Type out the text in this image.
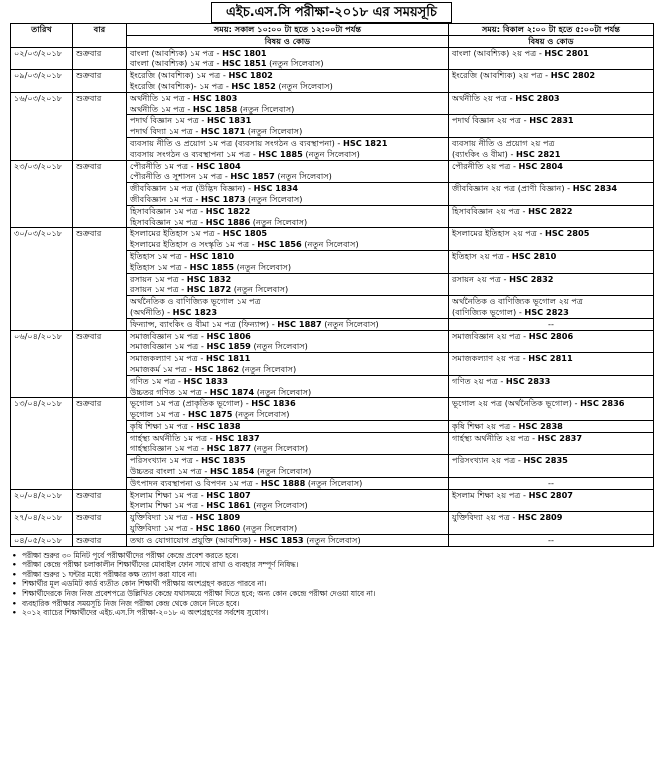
এইচ.এস.সি পরীক্ষা-২০১৮ এর সময়সূচি
তারিখ	বার	সময়: সকাল ১০:০০ টা হতে ১২:০০টা পর্যন্ত	সময়: বিকাল ২:০০ টা হতে ৫:০০টা পর্যন্ত
		বিষয় ও কোড	বিষয় ও কোড
০২/০৩/২০১৮	শুক্রবার	বাংলা (আবশ্যিক) ১ম পত্র - HSC 1801
বাংলা (আবশ্যিক) ১ম পত্র - HSC 1851 (নতুন সিলেবাস)	বাংলা (আবশ্যিক) ২য় পত্র - HSC 2801

০৯/০৩/২০১৮	শুক্রবার	ইংরেজি (আবশ্যিক) ১ম পত্র - HSC 1802
ইংরেজি (আবশ্যিক)- ১ম পত্র - HSC 1852 (নতুন সিলেবাস)	ইংরেজি (আবশ্যিক) ২য় পত্র - HSC 2802

১৬/০৩/২০১৮	শুক্রবার	অর্থনীতি ১ম পত্র - HSC 1803
অর্থনীতি ১ম পত্র - HSC 1858 (নতুন সিলেবাস)	অর্থনীতি ২য় পত্র - HSC 2803

		পদার্থ বিজ্ঞান ১ম পত্র - HSC 1831
পদার্থ বিদ্যা ১ম পত্র - HSC 1871 (নতুন সিলেবাস)	পদার্থ বিজ্ঞান ২য় পত্র - HSC 2831

		ব্যবসায় নীতি ও প্রয়োগ ১ম পত্র (ব্যবসায় সংগঠন ও ব্যবস্থাপনা) - HSC 1821
ব্যবসায় সংগঠন ও ব্যবস্থাপনা ১ম পত্র - HSC 1885 (নতুন সিলেবাস)	ব্যবসায় নীতি ও প্রয়োগ ২য় পত্র
(ব্যাংকিং ও বীমা) - HSC 2821

২৩/০৩/২০১৮	শুক্রবার	পৌরনীতি ১ম পত্র - HSC 1804
পৌরনীতি ও সুশাসন ১ম পত্র - HSC 1857 (নতুন সিলেবাস)	পৌরনীতি ২য় পত্র - HSC 2804

		জীববিজ্ঞান ১ম পত্র (উদ্ভিদ বিজ্ঞান) - HSC 1834
জীববিজ্ঞান ১ম পত্র - HSC 1873 (নতুন সিলেবাস)	জীববিজ্ঞান ২য় পত্র (প্রাণী বিজ্ঞান) - HSC 2834

		হিসাববিজ্ঞান ১ম পত্র - HSC 1822
হিসাববিজ্ঞান ১ম পত্র - HSC 1886 (নতুন সিলেবাস)	হিসাববিজ্ঞান ২য় পত্র - HSC 2822

৩০/০৩/২০১৮	শুক্রবার	ইসলামের ইতিহাস ১ম পত্র - HSC 1805
ইসলামের ইতিহাস ও সংস্কৃতি ১ম পত্র - HSC 1856 (নতুন সিলেবাস)	ইসলামের ইতিহাস ২য় পত্র - HSC 2805

		ইতিহাস ১ম পত্র - HSC 1810
ইতিহাস ১ম পত্র - HSC 1855 (নতুন সিলেবাস)	ইতিহাস ২য় পত্র - HSC 2810

		রসায়ন ১ম পত্র - HSC 1832
রসায়ন ১ম পত্র - HSC 1872 (নতুন সিলেবাস)	রসায়ন ২য় পত্র - HSC 2832

		অর্থনৈতিক ও বাণিজ্যিক ভূগোল ১ম পত্র
(অর্থনীতি) - HSC 1823	অর্থনৈতিক ও বাণিজ্যিক ভূগোল ২য় পত্র
(বাণিজ্যিক ভূগোল) - HSC 2823

		ফিন্যান্স, ব্যাংকিং ও বীমা ১ম পত্র (ফিন্যান্স) - HSC 1887 (নতুন সিলেবাস)	--

০৬/০৪/২০১৮	শুক্রবার	সমাজবিজ্ঞান ১ম পত্র - HSC 1806
সমাজবিজ্ঞান ১ম পত্র - HSC 1859 (নতুন সিলেবাস)	সমাজবিজ্ঞান ২য় পত্র - HSC 2806

		সমাজকল্যাণ ১ম পত্র - HSC 1811
সমাজকর্ম ১ম পত্র - HSC 1862 (নতুন সিলেবাস)	সমাজকল্যাণ ২য় পত্র - HSC 2811

		গণিত ১ম পত্র - HSC 1833
উচ্চতর গণিত ১ম পত্র - HSC 1874 (নতুন সিলেবাস)	গণিত ২য় পত্র - HSC 2833

১৩/০৪/২০১৮	শুক্রবার	ভূগোল ১ম পত্র (প্রাকৃতিক ভূগোল) - HSC 1836
ভূগোল ১ম পত্র - HSC 1875 (নতুন সিলেবাস)	ভূগোল ২য় পত্র (অর্থনৈতিক ভূগোল) - HSC 2836

		কৃষি শিক্ষা ১ম পত্র - HSC 1838	কৃষি শিক্ষা ২য় পত্র - HSC 2838

		গার্হস্থ্য অর্থনীতি ১ম পত্র - HSC 1837
গার্হস্থ্যবিজ্ঞান ১ম পত্র - HSC 1877 (নতুন সিলেবাস)	গার্হস্থ্য অর্থনীতি ২য় পত্র - HSC 2837

		পরিসংখ্যান ১ম পত্র - HSC 1835
উচ্চতর বাংলা ১ম পত্র - HSC 1854 (নতুন সিলেবাস)	পরিসংখ্যান ২য় পত্র - HSC 2835

		উৎপাদন ব্যবস্থাপনা ও বিপণন ১ম পত্র - HSC 1888 (নতুন সিলেবাস)	--

২০/০৪/২০১৮	শুক্রবার	ইসলাম শিক্ষা ১ম পত্র - HSC 1807
ইসলাম শিক্ষা ১ম পত্র - HSC 1861 (নতুন সিলেবাস)	ইসলাম শিক্ষা ২য় পত্র - HSC 2807

২৭/০৪/২০১৮	শুক্রবার	যুক্তিবিদ্যা ১ম পত্র - HSC 1809
যুক্তিবিদ্যা ১ম পত্র - HSC 1860 (নতুন সিলেবাস)	যুক্তিবিদ্যা ২য় পত্র - HSC 2809

০৪/০৫/২০১৮	শুক্রবার	তথ্য ও যোগাযোগ প্রযুক্তি (আবশ্যিক) - HSC 1853 (নতুন সিলেবাস)	--
• পরীক্ষা শুরুর ৩০ মিনিট পূর্বে পরীক্ষার্থীদের পরীক্ষা কেন্দ্রে প্রবেশ করতে হবে।
• পরীক্ষা কেন্দ্রে পরীক্ষা চলাকালীন শিক্ষার্থীদের মোবাইল ফোন সাথে রাখা ও ব্যবহার সম্পূর্ণ নিষিদ্ধ।
• পরীক্ষা শুরুর ১ ঘন্টার মধ্যে পরীক্ষার কক্ষ ত্যাগ করা যাবে না।
• শিক্ষার্থীর মূল এডমিট কার্ড ব্যতীত কোন শিক্ষার্থী পরীক্ষায় অংশগ্রহণ করতে পারবে না।
• শিক্ষার্থীদেরকে নিজ নিজ প্রবেশপত্রে উল্লিখিত কেন্দ্রে যথাসময়ে পরীক্ষা দিতে হবে; অন্য কোন কেন্দ্রে পরীক্ষা দেওয়া যাবে না।
• ব্যবহারিক পরীক্ষার সময়সূচি নিজ নিজ পরীক্ষা কেন্দ্র থেকে জেনে নিতে হবে।
• ২০১২ ব্যাচের শিক্ষার্থীদের এইচ.এস.সি পরীক্ষা-২০১৮ এ অংশগ্রহণের সর্বশেষ সুযোগ।
